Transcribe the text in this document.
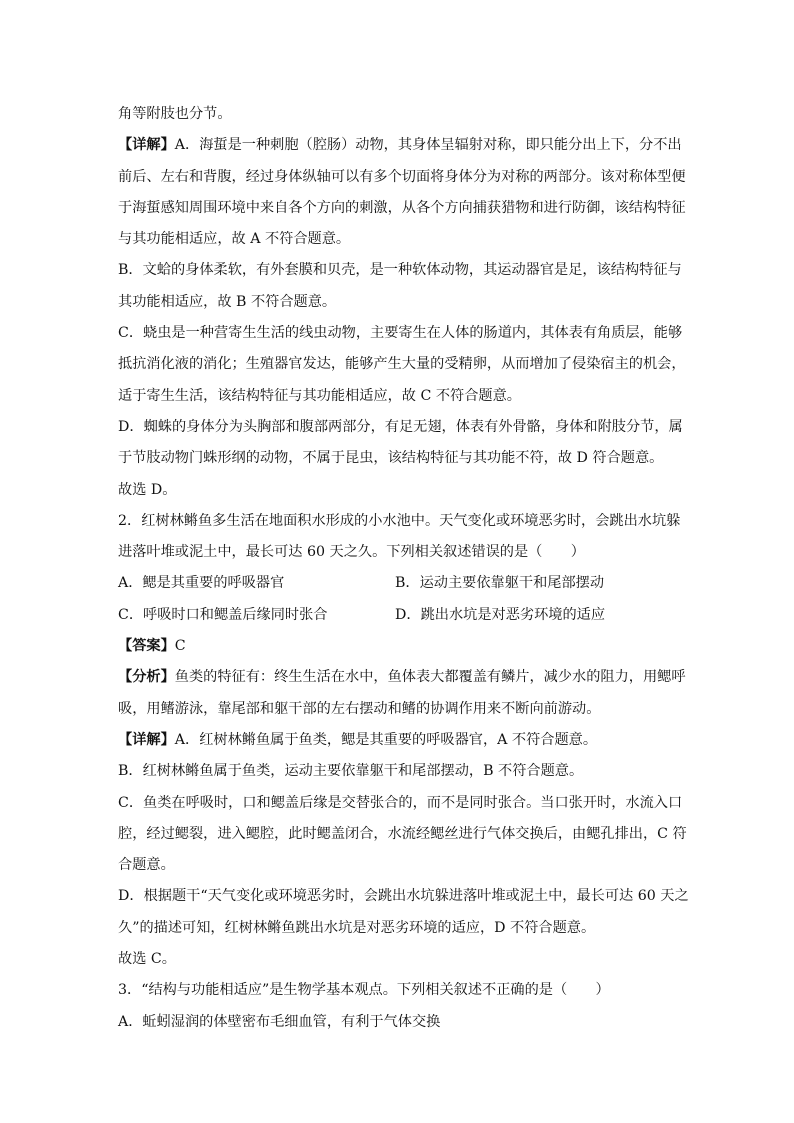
角等附肢也分节。
【详解】A．海蜇是一种刺胞（腔肠）动物，其身体呈辐射对称，即只能分出上下，分不出
前后、左右和背腹，经过身体纵轴可以有多个切面将身体分为对称的两部分。该对称体型便
于海蜇感知周围环境中来自各个方向的刺激，从各个方向捕获猎物和进行防御，该结构特征
与其功能相适应，故 A 不符合题意。
B．文蛤的身体柔软，有外套膜和贝壳，是一种软体动物，其运动器官是足，该结构特征与
其功能相适应，故 B 不符合题意。
C．蛲虫是一种营寄生生活的线虫动物，主要寄生在人体的肠道内，其体表有角质层，能够
抵抗消化液的消化；生殖器官发达，能够产生大量的受精卵，从而增加了侵染宿主的机会，
适于寄生生活，该结构特征与其功能相适应，故 C 不符合题意。
D．蜘蛛的身体分为头胸部和腹部两部分，有足无翅，体表有外骨骼，身体和附肢分节，属
于节肢动物门蛛形纲的动物，不属于昆虫，该结构特征与其功能不符，故 D 符合题意。
故选 D。
2．红树林鳉鱼多生活在地面积水形成的小水池中。天气变化或环境恶劣时，会跳出水坑躲
进落叶堆或泥土中，最长可达 60 天之久。下列相关叙述错误的是（　　）
A．鳃是其重要的呼吸器官	B．运动主要依靠躯干和尾部摆动
C．呼吸时口和鳃盖后缘同时张合	D．跳出水坑是对恶劣环境的适应
【答案】C
【分析】鱼类的特征有：终生生活在水中，鱼体表大都覆盖有鳞片，减少水的阻力，用鳃呼
吸，用鳍游泳，靠尾部和躯干部的左右摆动和鳍的协调作用来不断向前游动。
【详解】A．红树林鳉鱼属于鱼类，鳃是其重要的呼吸器官，A 不符合题意。
B．红树林鳉鱼属于鱼类，运动主要依靠躯干和尾部摆动，B 不符合题意。
C．鱼类在呼吸时，口和鳃盖后缘是交替张合的，而不是同时张合。当口张开时，水流入口
腔，经过鳃裂，进入鳃腔，此时鳃盖闭合，水流经鳃丝进行气体交换后，由鳃孔排出，C 符
合题意。
D．根据题干“天气变化或环境恶劣时，会跳出水坑躲进落叶堆或泥土中，最长可达 60 天之
久”的描述可知，红树林鳉鱼跳出水坑是对恶劣环境的适应，D 不符合题意。
故选 C。
3．“结构与功能相适应”是生物学基本观点。下列相关叙述不正确的是（　　）
A．蚯蚓湿润的体壁密布毛细血管，有利于气体交换
